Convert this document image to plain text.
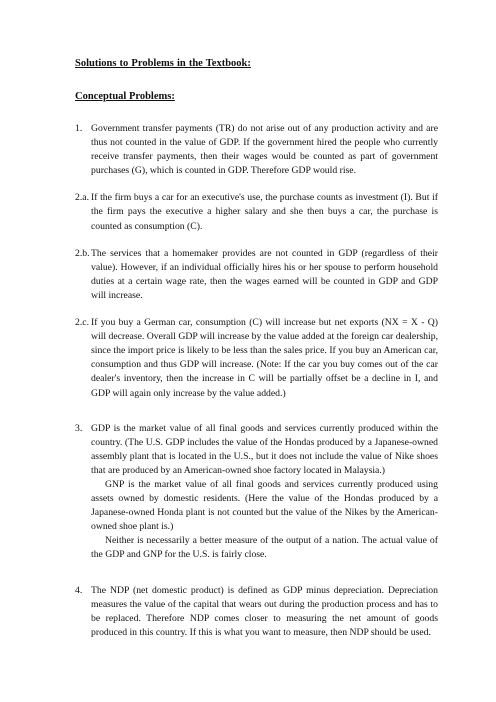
Solutions to Problems in the Textbook:
Conceptual Problems:
1. Government transfer payments (TR) do not arise out of any production activity and are thus not counted in the value of GDP. If the government hired the people who currently receive transfer payments, then their wages would be counted as part of government purchases (G), which is counted in GDP. Therefore GDP would rise.

2.a. If the firm buys a car for an executive's use, the purchase counts as investment (I). But if the firm pays the executive a higher salary and she then buys a car, the purchase is counted as consumption (C).

2.b. The services that a homemaker provides are not counted in GDP (regardless of their value). However, if an individual officially hires his or her spouse to perform household duties at a certain wage rate, then the wages earned will be counted in GDP and GDP will increase.

2.c. If you buy a German car, consumption (C) will increase but net exports (NX = X - Q) will decrease. Overall GDP will increase by the value added at the foreign car dealership, since the import price is likely to be less than the sales price. If you buy an American car, consumption and thus GDP will increase. (Note: If the car you buy comes out of the car dealer's inventory, then the increase in C will be partially offset be a decline in I, and GDP will again only increase by the value added.)

3. GDP is the market value of all final goods and services currently produced within the country. (The U.S. GDP includes the value of the Hondas produced by a Japanese-owned assembly plant that is located in the U.S., but it does not include the value of Nike shoes that are produced by an American-owned shoe factory located in Malaysia.)

GNP is the market value of all final goods and services currently produced using assets owned by domestic residents. (Here the value of the Hondas produced by a Japanese-owned Honda plant is not counted but the value of the Nikes by the American-owned shoe plant is.)

Neither is necessarily a better measure of the output of a nation. The actual value of the GDP and GNP for the U.S. is fairly close.

4. The NDP (net domestic product) is defined as GDP minus depreciation. Depreciation measures the value of the capital that wears out during the production process and has to be replaced. Therefore NDP comes closer to measuring the net amount of goods produced in this country. If this is what you want to measure, then NDP should be used.
